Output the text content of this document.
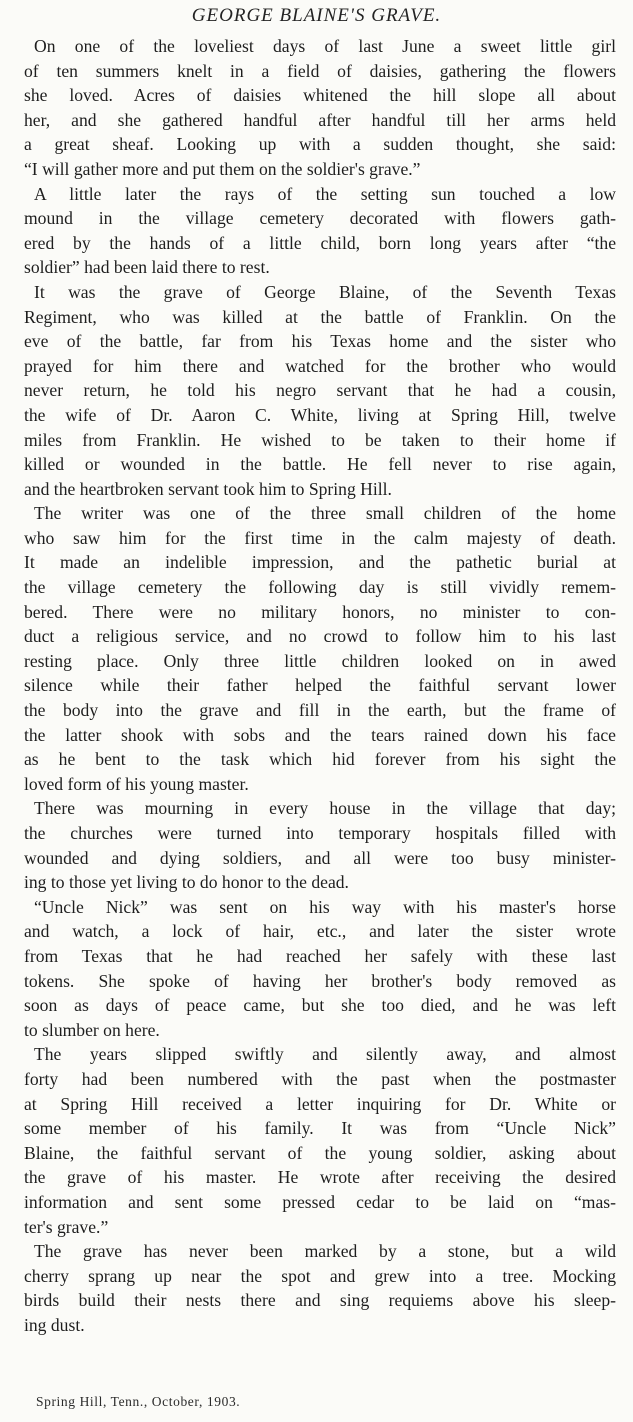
GEORGE BLAINE'S GRAVE.
On one of the loveliest days of last June a sweet little girl
of ten summers knelt in a field of daisies, gathering the flowers
she loved. Acres of daisies whitened the hill slope all about
her, and she gathered handful after handful till her arms held
a great sheaf. Looking up with a sudden thought, she said:
“I will gather more and put them on the soldier's grave.”
A little later the rays of the setting sun touched a low
mound in the village cemetery decorated with flowers gath-
ered by the hands of a little child, born long years after “the
soldier” had been laid there to rest.
It was the grave of George Blaine, of the Seventh Texas
Regiment, who was killed at the battle of Franklin. On the
eve of the battle, far from his Texas home and the sister who
prayed for him there and watched for the brother who would
never return, he told his negro servant that he had a cousin,
the wife of Dr. Aaron C. White, living at Spring Hill, twelve
miles from Franklin. He wished to be taken to their home if
killed or wounded in the battle. He fell never to rise again,
and the heartbroken servant took him to Spring Hill.
The writer was one of the three small children of the home
who saw him for the first time in the calm majesty of death.
It made an indelible impression, and the pathetic burial at
the village cemetery the following day is still vividly remem-
bered. There were no military honors, no minister to con-
duct a religious service, and no crowd to follow him to his last
resting place. Only three little children looked on in awed
silence while their father helped the faithful servant lower
the body into the grave and fill in the earth, but the frame of
the latter shook with sobs and the tears rained down his face
as he bent to the task which hid forever from his sight the
loved form of his young master.
There was mourning in every house in the village that day;
the churches were turned into temporary hospitals filled with
wounded and dying soldiers, and all were too busy minister-
ing to those yet living to do honor to the dead.
“Uncle Nick” was sent on his way with his master's horse
and watch, a lock of hair, etc., and later the sister wrote
from Texas that he had reached her safely with these last
tokens. She spoke of having her brother's body removed as
soon as days of peace came, but she too died, and he was left
to slumber on here.
The years slipped swiftly and silently away, and almost
forty had been numbered with the past when the postmaster
at Spring Hill received a letter inquiring for Dr. White or
some member of his family. It was from “Uncle Nick”
Blaine, the faithful servant of the young soldier, asking about
the grave of his master. He wrote after receiving the desired
information and sent some pressed cedar to be laid on “mas-
ter's grave.”
The grave has never been marked by a stone, but a wild
cherry sprang up near the spot and grew into a tree. Mocking
birds build their nests there and sing requiems above his sleep-
ing dust.
Spring Hill, Tenn., October, 1903.
